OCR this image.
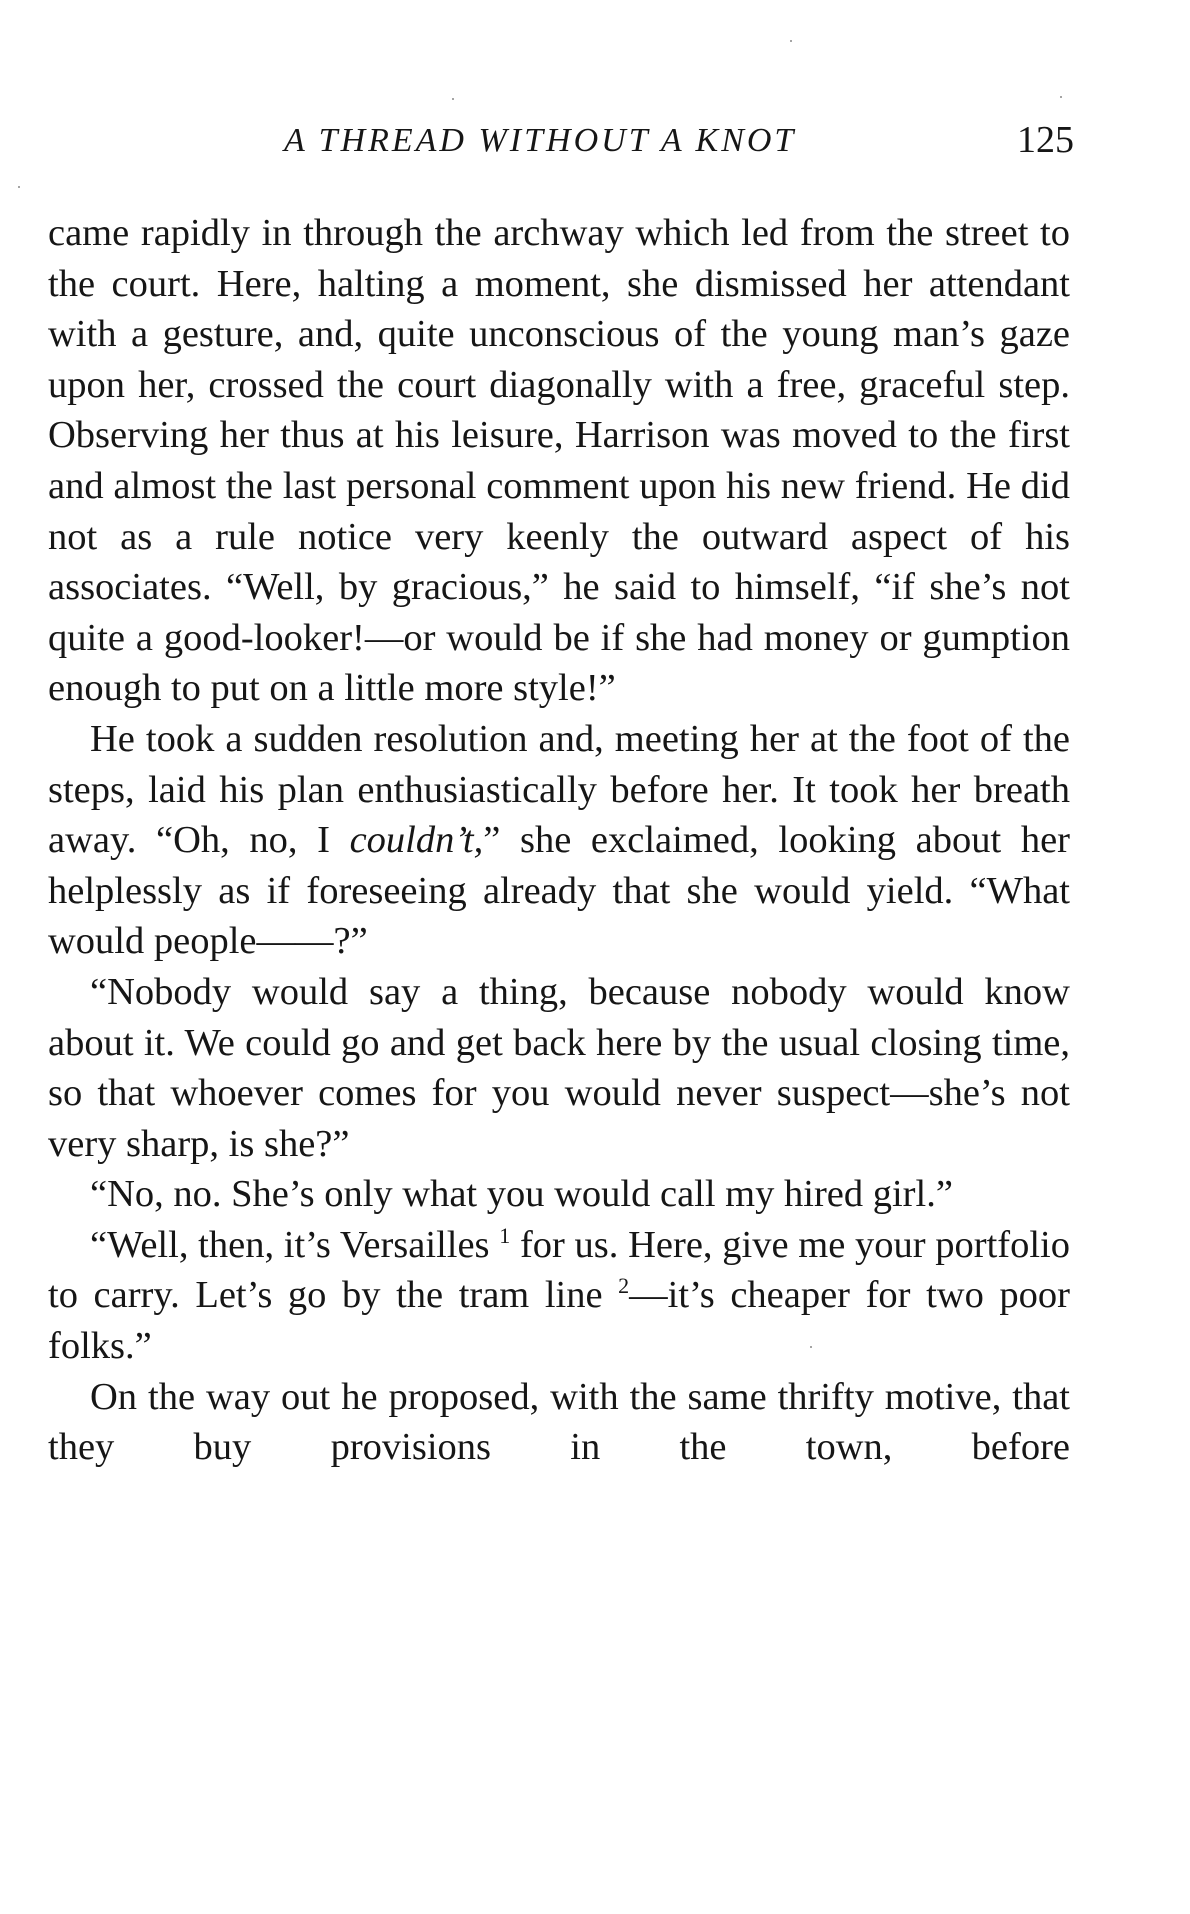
A THREAD WITHOUT A KNOT	125

came rapidly in through the archway which led from the street to the court. Here, halting a moment, she dismissed her attendant with a gesture, and, quite unconscious of the young man’s gaze upon her, crossed the court diagonally with a free, graceful step. Observing her thus at his leisure, Harrison was moved to the first and almost the last personal comment upon his new friend. He did not as a rule notice very keenly the outward aspect of his associates. “Well, by gracious,” he said to himself, “if she’s not quite a good-looker!—or would be if she had money or gumption enough to put on a little more style!”

He took a sudden resolution and, meeting her at the foot of the steps, laid his plan enthusiastically before her. It took her breath away. “Oh, no, I couldn’t,” she exclaimed, looking about her helplessly as if foreseeing already that she would yield. “What would people——?”

“Nobody would say a thing, because nobody would know about it. We could go and get back here by the usual closing time, so that whoever comes for you would never suspect—she’s not very sharp, is she?”

“No, no. She’s only what you would call my hired girl.”

“Well, then, it’s Versailles $^1$ for us. Here, give me your portfolio to carry. Let’s go by the tram line $^2$—it’s cheaper for two poor folks.”

On the way out he proposed, with the same thrifty motive, that they buy provisions in the town, before
